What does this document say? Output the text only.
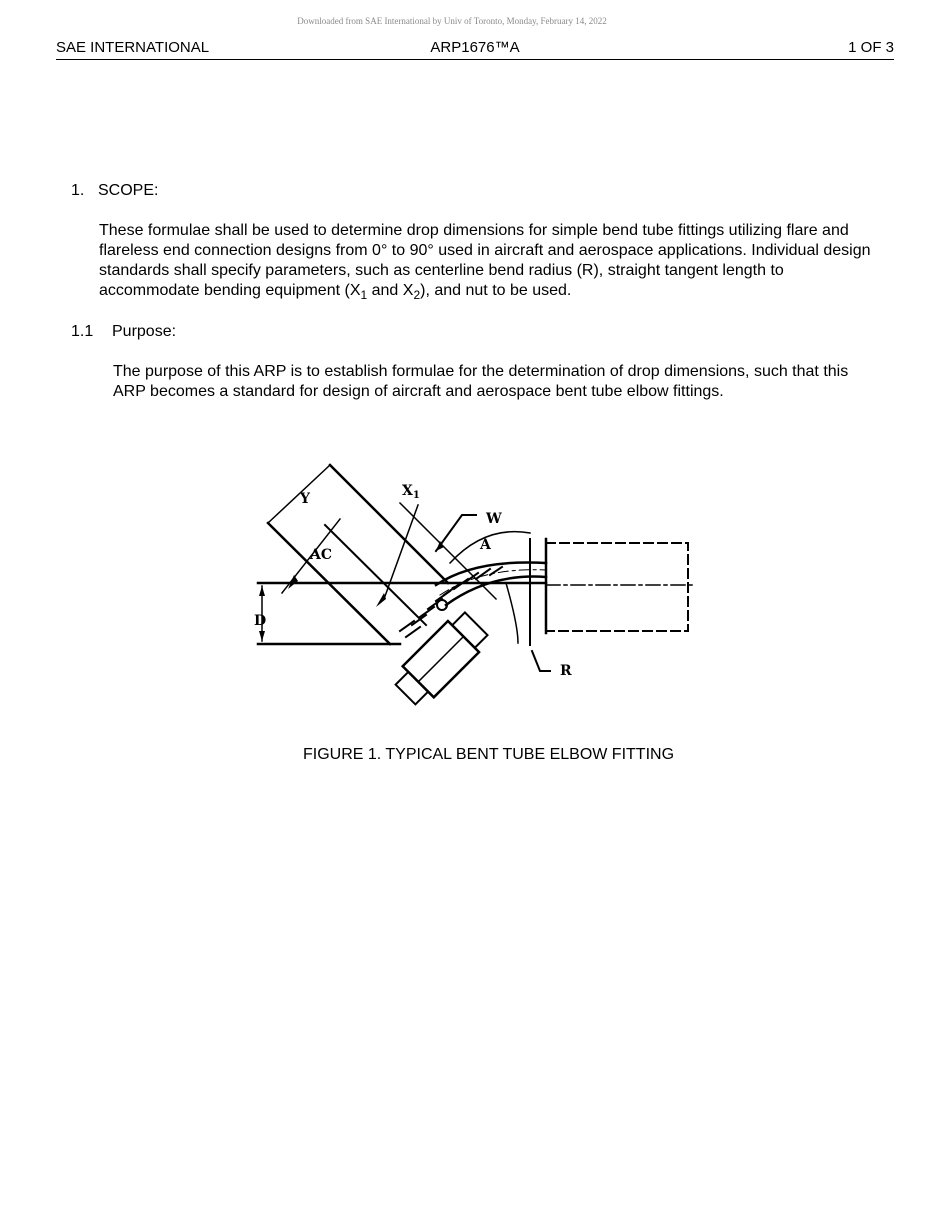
Downloaded from SAE International by Univ of Toronto, Monday, February 14, 2022
SAE INTERNATIONAL	ARP1676™A	1 OF 3
1. SCOPE:
These formulae shall be used to determine drop dimensions for simple bend tube fittings utilizing flare and flareless end connection designs from 0° to 90° used in aircraft and aerospace applications. Individual design standards shall specify parameters, such as centerline bend radius (R), straight tangent length to accommodate bending equipment ($X_1$ and $X_2$), and nut to be used.
1.1 Purpose:
The purpose of this ARP is to establish formulae for the determination of drop dimensions, such that this ARP becomes a standard for design of aircraft and aerospace bent tube elbow fittings.
Y	$X_1$
W
A
AC
D
R
FIGURE 1. TYPICAL BENT TUBE ELBOW FITTING
